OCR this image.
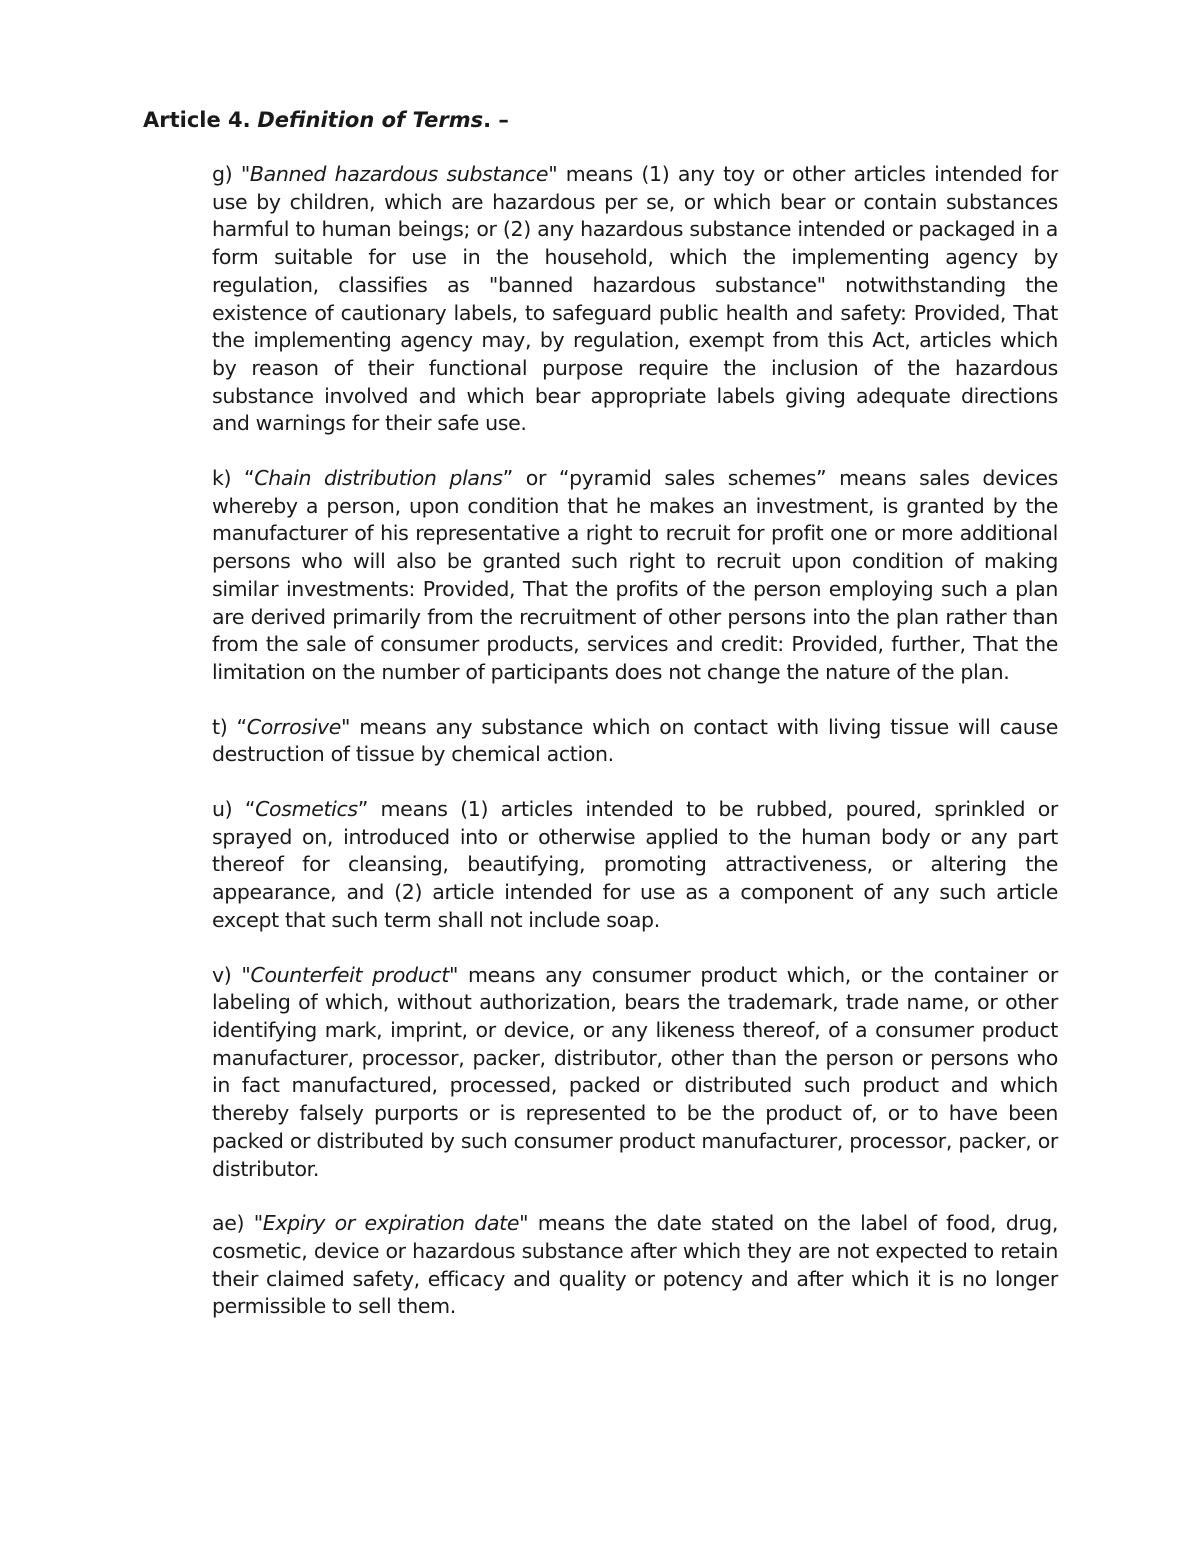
Article 4. Definition of Terms. –

g) "Banned hazardous substance" means (1) any toy or other articles intended for use by children, which are hazardous per se, or which bear or contain substances harmful to human beings; or (2) any hazardous substance intended or packaged in a form suitable for use in the household, which the implementing agency by regulation, classifies as "banned hazardous substance" notwithstanding the existence of cautionary labels, to safeguard public health and safety: Provided, That the implementing agency may, by regulation, exempt from this Act, articles which by reason of their functional purpose require the inclusion of the hazardous substance involved and which bear appropriate labels giving adequate directions and warnings for their safe use.

k) “Chain distribution plans” or “pyramid sales schemes” means sales devices whereby a person, upon condition that he makes an investment, is granted by the manufacturer of his representative a right to recruit for profit one or more additional persons who will also be granted such right to recruit upon condition of making similar investments: Provided, That the profits of the person employing such a plan are derived primarily from the recruitment of other persons into the plan rather than from the sale of consumer products, services and credit: Provided, further, That the limitation on the number of participants does not change the nature of the plan.

t) “Corrosive" means any substance which on contact with living tissue will cause destruction of tissue by chemical action.

u) “Cosmetics” means (1) articles intended to be rubbed, poured, sprinkled or sprayed on, introduced into or otherwise applied to the human body or any part thereof for cleansing, beautifying, promoting attractiveness, or altering the appearance, and (2) article intended for use as a component of any such article except that such term shall not include soap.

v) "Counterfeit product" means any consumer product which, or the container or labeling of which, without authorization, bears the trademark, trade name, or other identifying mark, imprint, or device, or any likeness thereof, of a consumer product manufacturer, processor, packer, distributor, other than the person or persons who in fact manufactured, processed, packed or distributed such product and which thereby falsely purports or is represented to be the product of, or to have been packed or distributed by such consumer product manufacturer, processor, packer, or distributor.

ae) "Expiry or expiration date" means the date stated on the label of food, drug, cosmetic, device or hazardous substance after which they are not expected to retain their claimed safety, efficacy and quality or potency and after which it is no longer permissible to sell them.
